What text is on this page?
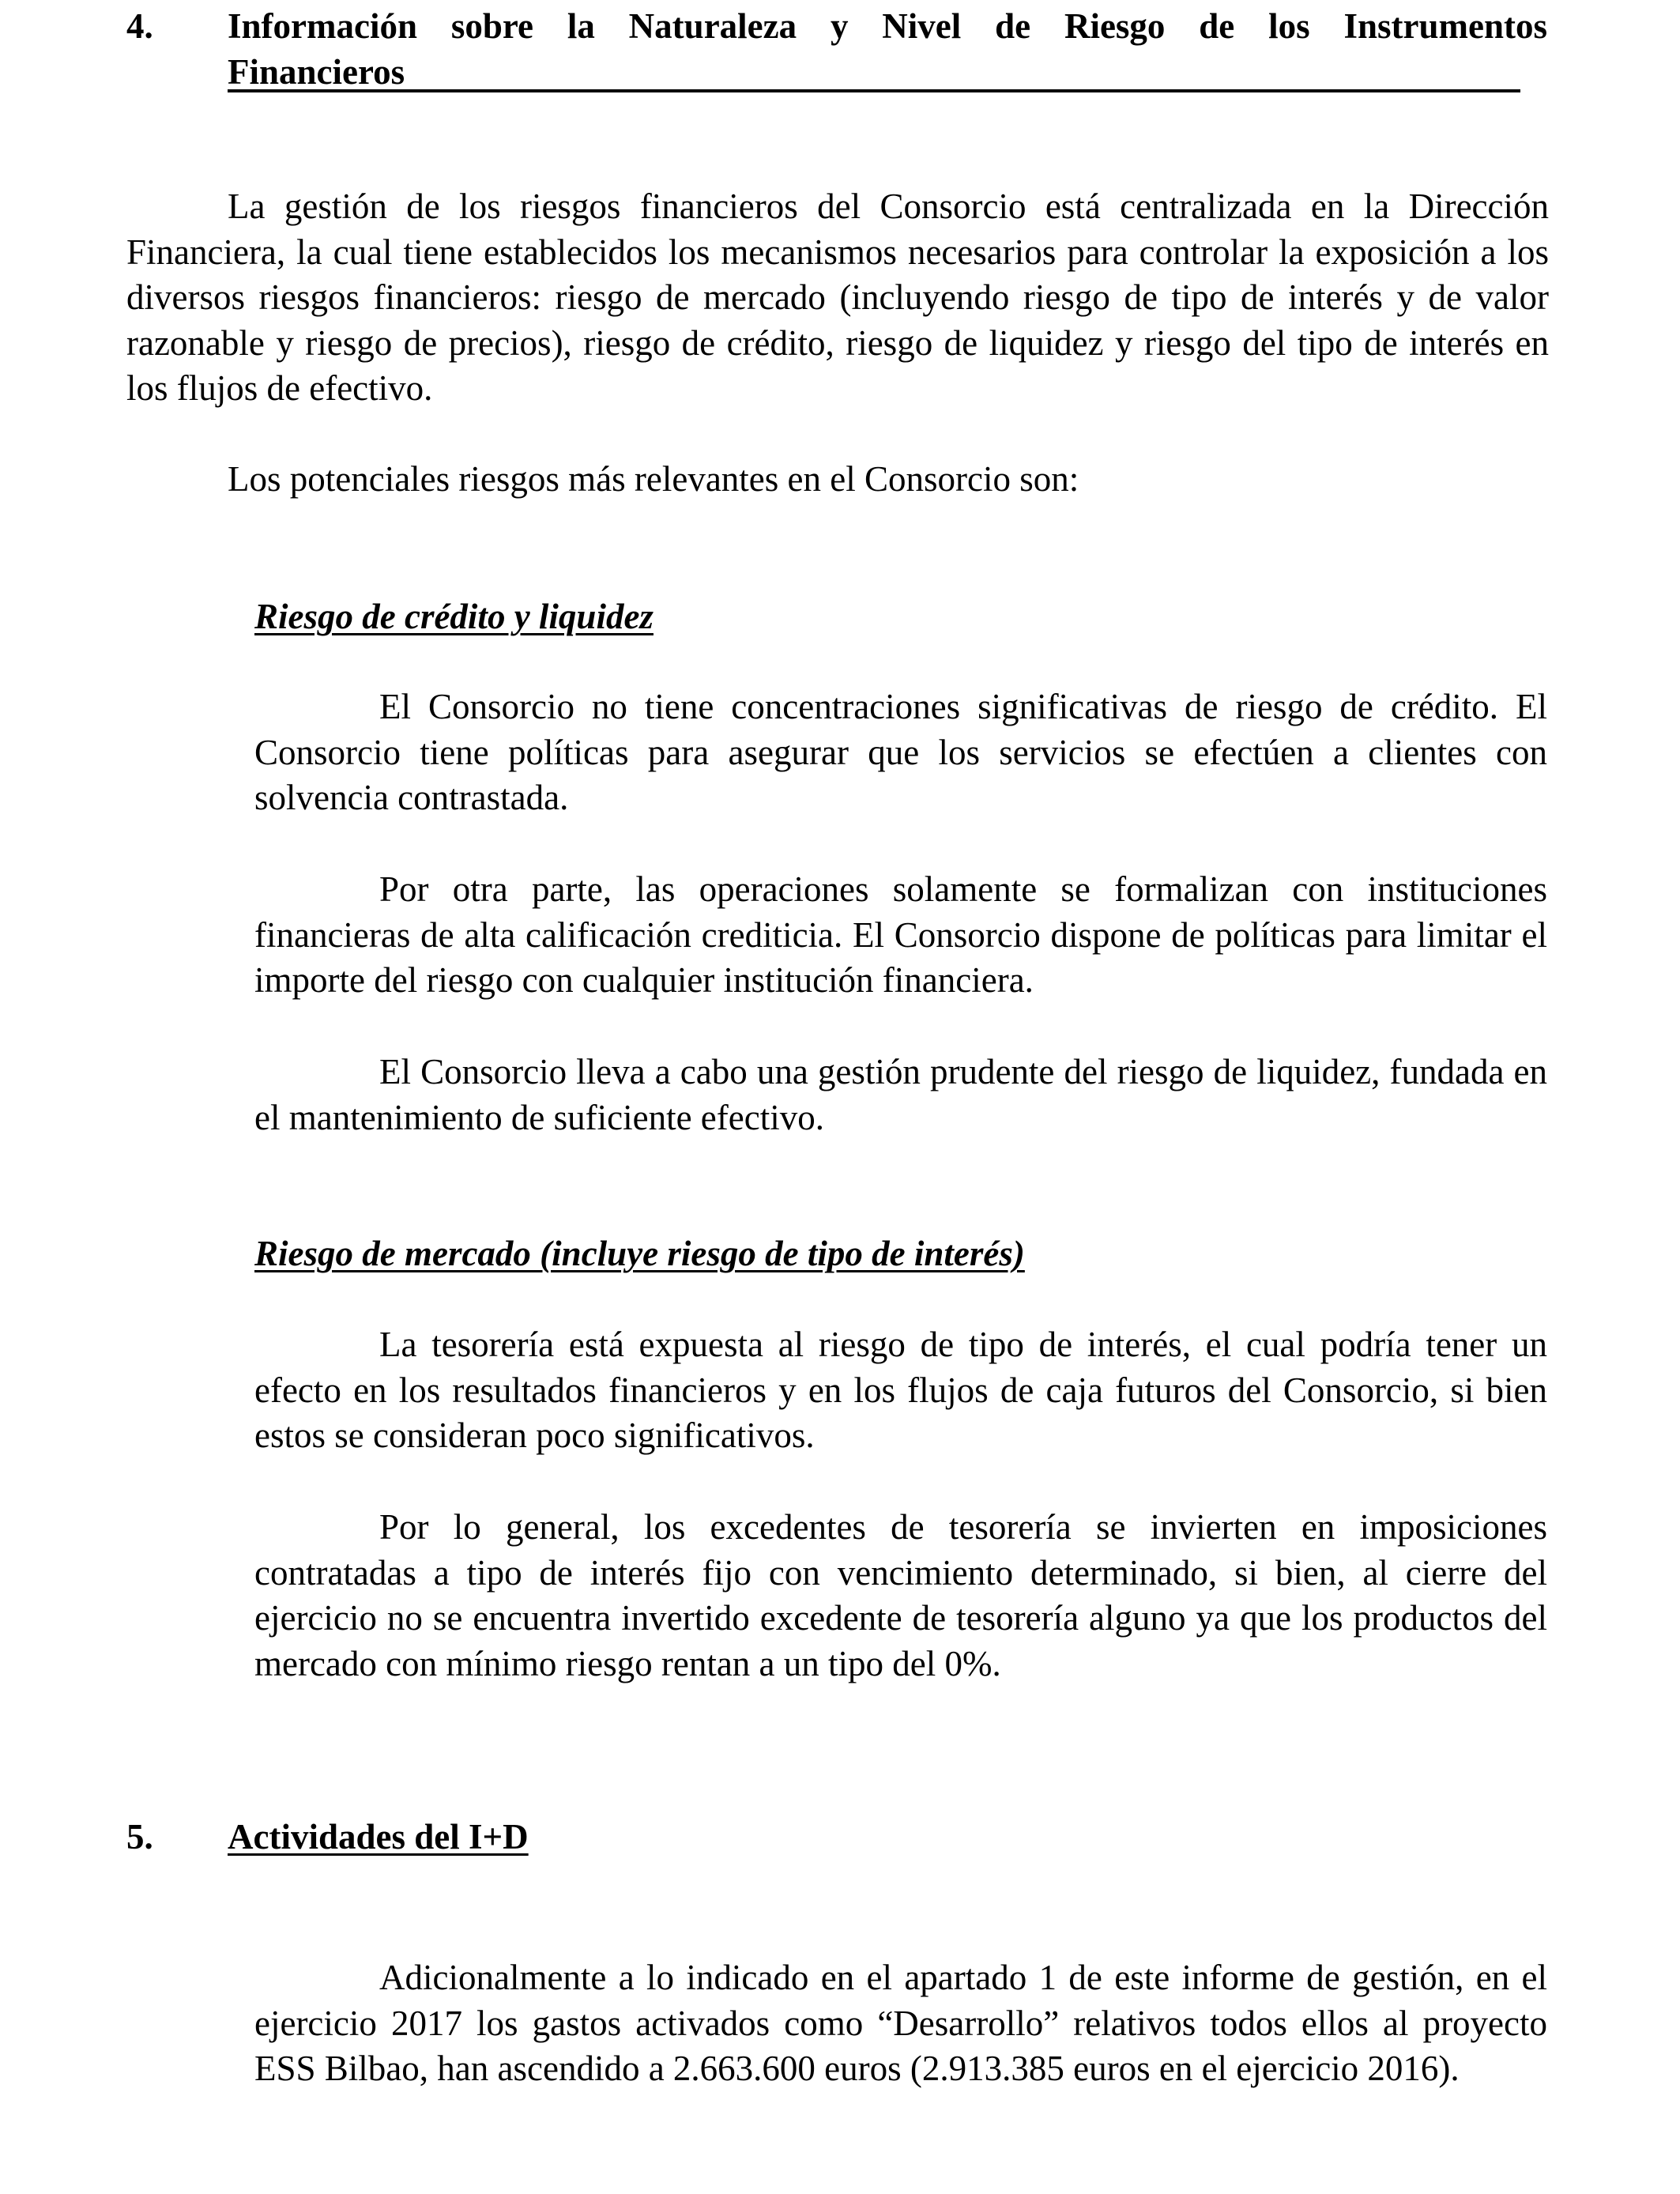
4. Información sobre la Naturaleza y Nivel de Riesgo de los Instrumentos Financieros

La gestión de los riesgos financieros del Consorcio está centralizada en la Dirección Financiera, la cual tiene establecidos los mecanismos necesarios para controlar la exposición a los diversos riesgos financieros: riesgo de mercado (incluyendo riesgo de tipo de interés y de valor razonable y riesgo de precios), riesgo de crédito, riesgo de liquidez y riesgo del tipo de interés en los flujos de efectivo.

Los potenciales riesgos más relevantes en el Consorcio son:

Riesgo de crédito y liquidez

El Consorcio no tiene concentraciones significativas de riesgo de crédito. El Consorcio tiene políticas para asegurar que los servicios se efectúen a clientes con solvencia contrastada.

Por otra parte, las operaciones solamente se formalizan con instituciones financieras de alta calificación crediticia. El Consorcio dispone de políticas para limitar el importe del riesgo con cualquier institución financiera.

El Consorcio lleva a cabo una gestión prudente del riesgo de liquidez, fundada en el mantenimiento de suficiente efectivo.

Riesgo de mercado (incluye riesgo de tipo de interés)

La tesorería está expuesta al riesgo de tipo de interés, el cual podría tener un efecto en los resultados financieros y en los flujos de caja futuros del Consorcio, si bien estos se consideran poco significativos.

Por lo general, los excedentes de tesorería se invierten en imposiciones contratadas a tipo de interés fijo con vencimiento determinado, si bien, al cierre del ejercicio no se encuentra invertido excedente de tesorería alguno ya que los productos del mercado con mínimo riesgo rentan a un tipo del 0%.

5. Actividades del I+D

Adicionalmente a lo indicado en el apartado 1 de este informe de gestión, en el ejercicio 2017 los gastos activados como “Desarrollo” relativos todos ellos al proyecto ESS Bilbao, han ascendido a 2.663.600 euros (2.913.385 euros en el ejercicio 2016).
